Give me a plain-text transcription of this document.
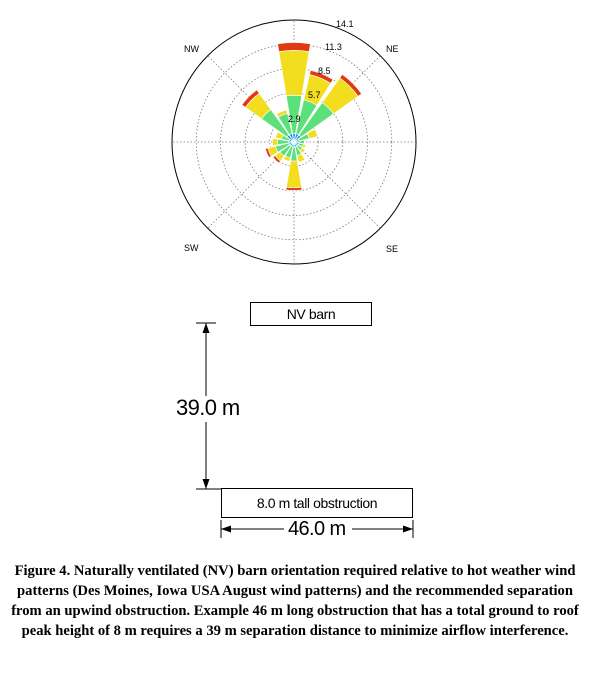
2.9
5.7
8.5
11.3
14.1
NW	NE
SW	SE
NV barn
39.0 m
8.0 m tall obstruction
46.0 m

Figure 4. Naturally ventilated (NV) barn orientation required relative to hot weather wind patterns (Des Moines, Iowa USA August wind patterns) and the recommended separation from an upwind obstruction. Example 46 m long obstruction that has a total ground to roof peak height of 8 m requires a 39 m separation distance to minimize airflow interference.
